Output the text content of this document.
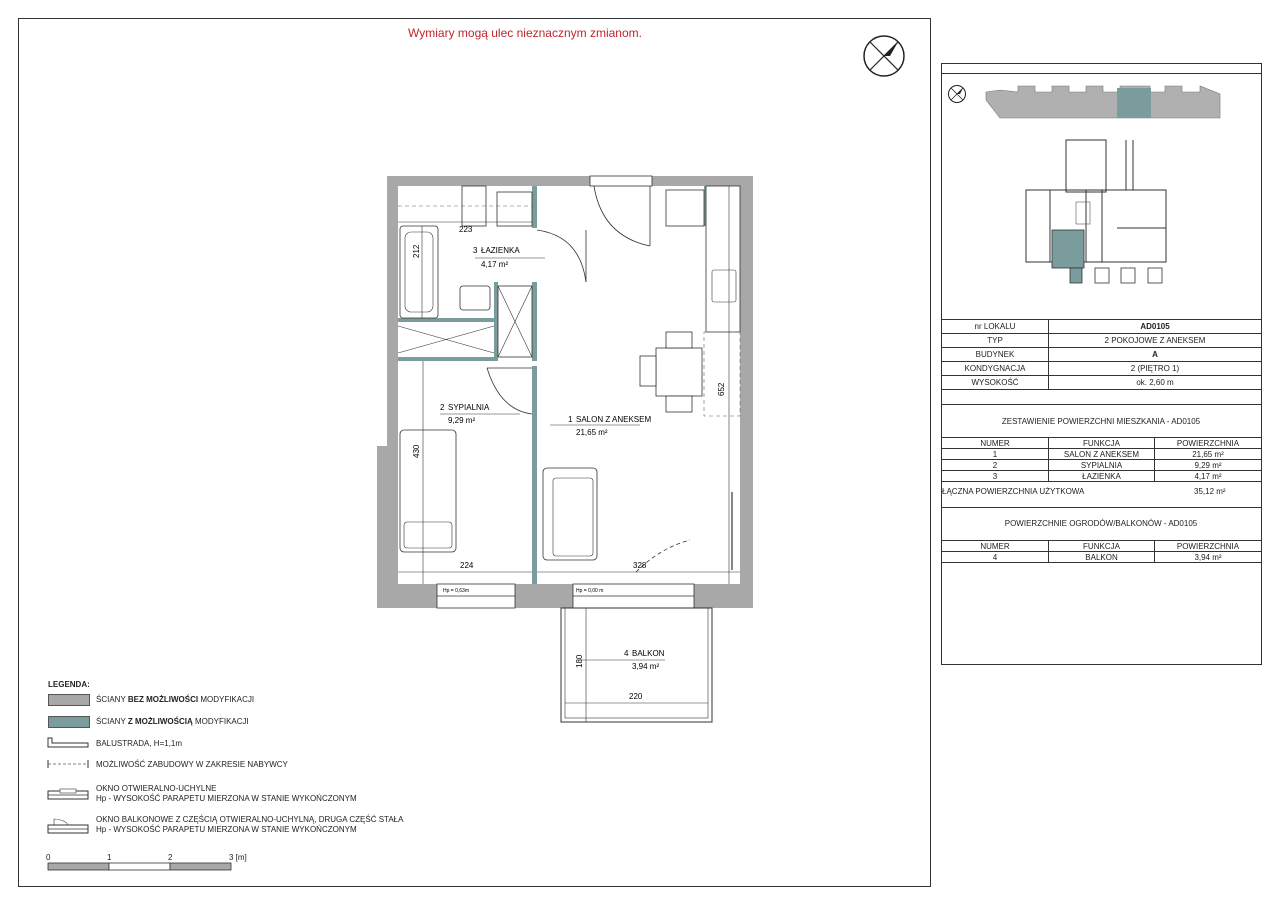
Wymiary mogą ulec nieznacznym zmianom.
3 ŁAZIENKA
4,17 m²
2 SYPIALNIA
9,29 m²	1 SALON Z ANEKSEM
21,65 m²
4 BALKON
3,94 m²
223
212
430
224	328
652
180
220
Hp = 0,63m	Hp = 0,00 m
LEGENDA:
ŚCIANY BEZ MOŻLIWOŚCI MODYFIKACJI
ŚCIANY Z MOŻLIWOŚCIĄ MODYFIKACJI
BALUSTRADA, H=1,1m
MOŻLIWOŚĆ ZABUDOWY W ZAKRESIE NABYWCY
OKNO OTWIERALNO-UCHYLNE
Hp - WYSOKOŚĆ PARAPETU MIERZONA W STANIE WYKOŃCZONYM
OKNO BALKONOWE Z CZĘŚCIĄ OTWIERALNO-UCHYLNĄ, DRUGA CZĘŚĆ STAŁA
Hp - WYSOKOŚĆ PARAPETU MIERZONA W STANIE WYKOŃCZONYM
0	1	2	3 [m]
nr LOKALU	AD0105
TYP	2 POKOJOWE Z ANEKSEM
BUDYNEK	A
KONDYGNACJA	2 (PIĘTRO 1)
WYSOKOŚĆ	ok. 2,60 m
ZESTAWIENIE POWIERZCHNI MIESZKANIA - AD0105
NUMER	FUNKCJA	POWIERZCHNIA
1	SALON Z ANEKSEM	21,65 m²
2	SYPIALNIA	9,29 m²
3	ŁAZIENKA	4,17 m²
ŁĄCZNA POWIERZCHNIA UŻYTKOWA	35,12 m²
POWIERZCHNIE OGRODÓW/BALKONÓW - AD0105
NUMER	FUNKCJA	POWIERZCHNIA
4	BALKON	3,94 m²
